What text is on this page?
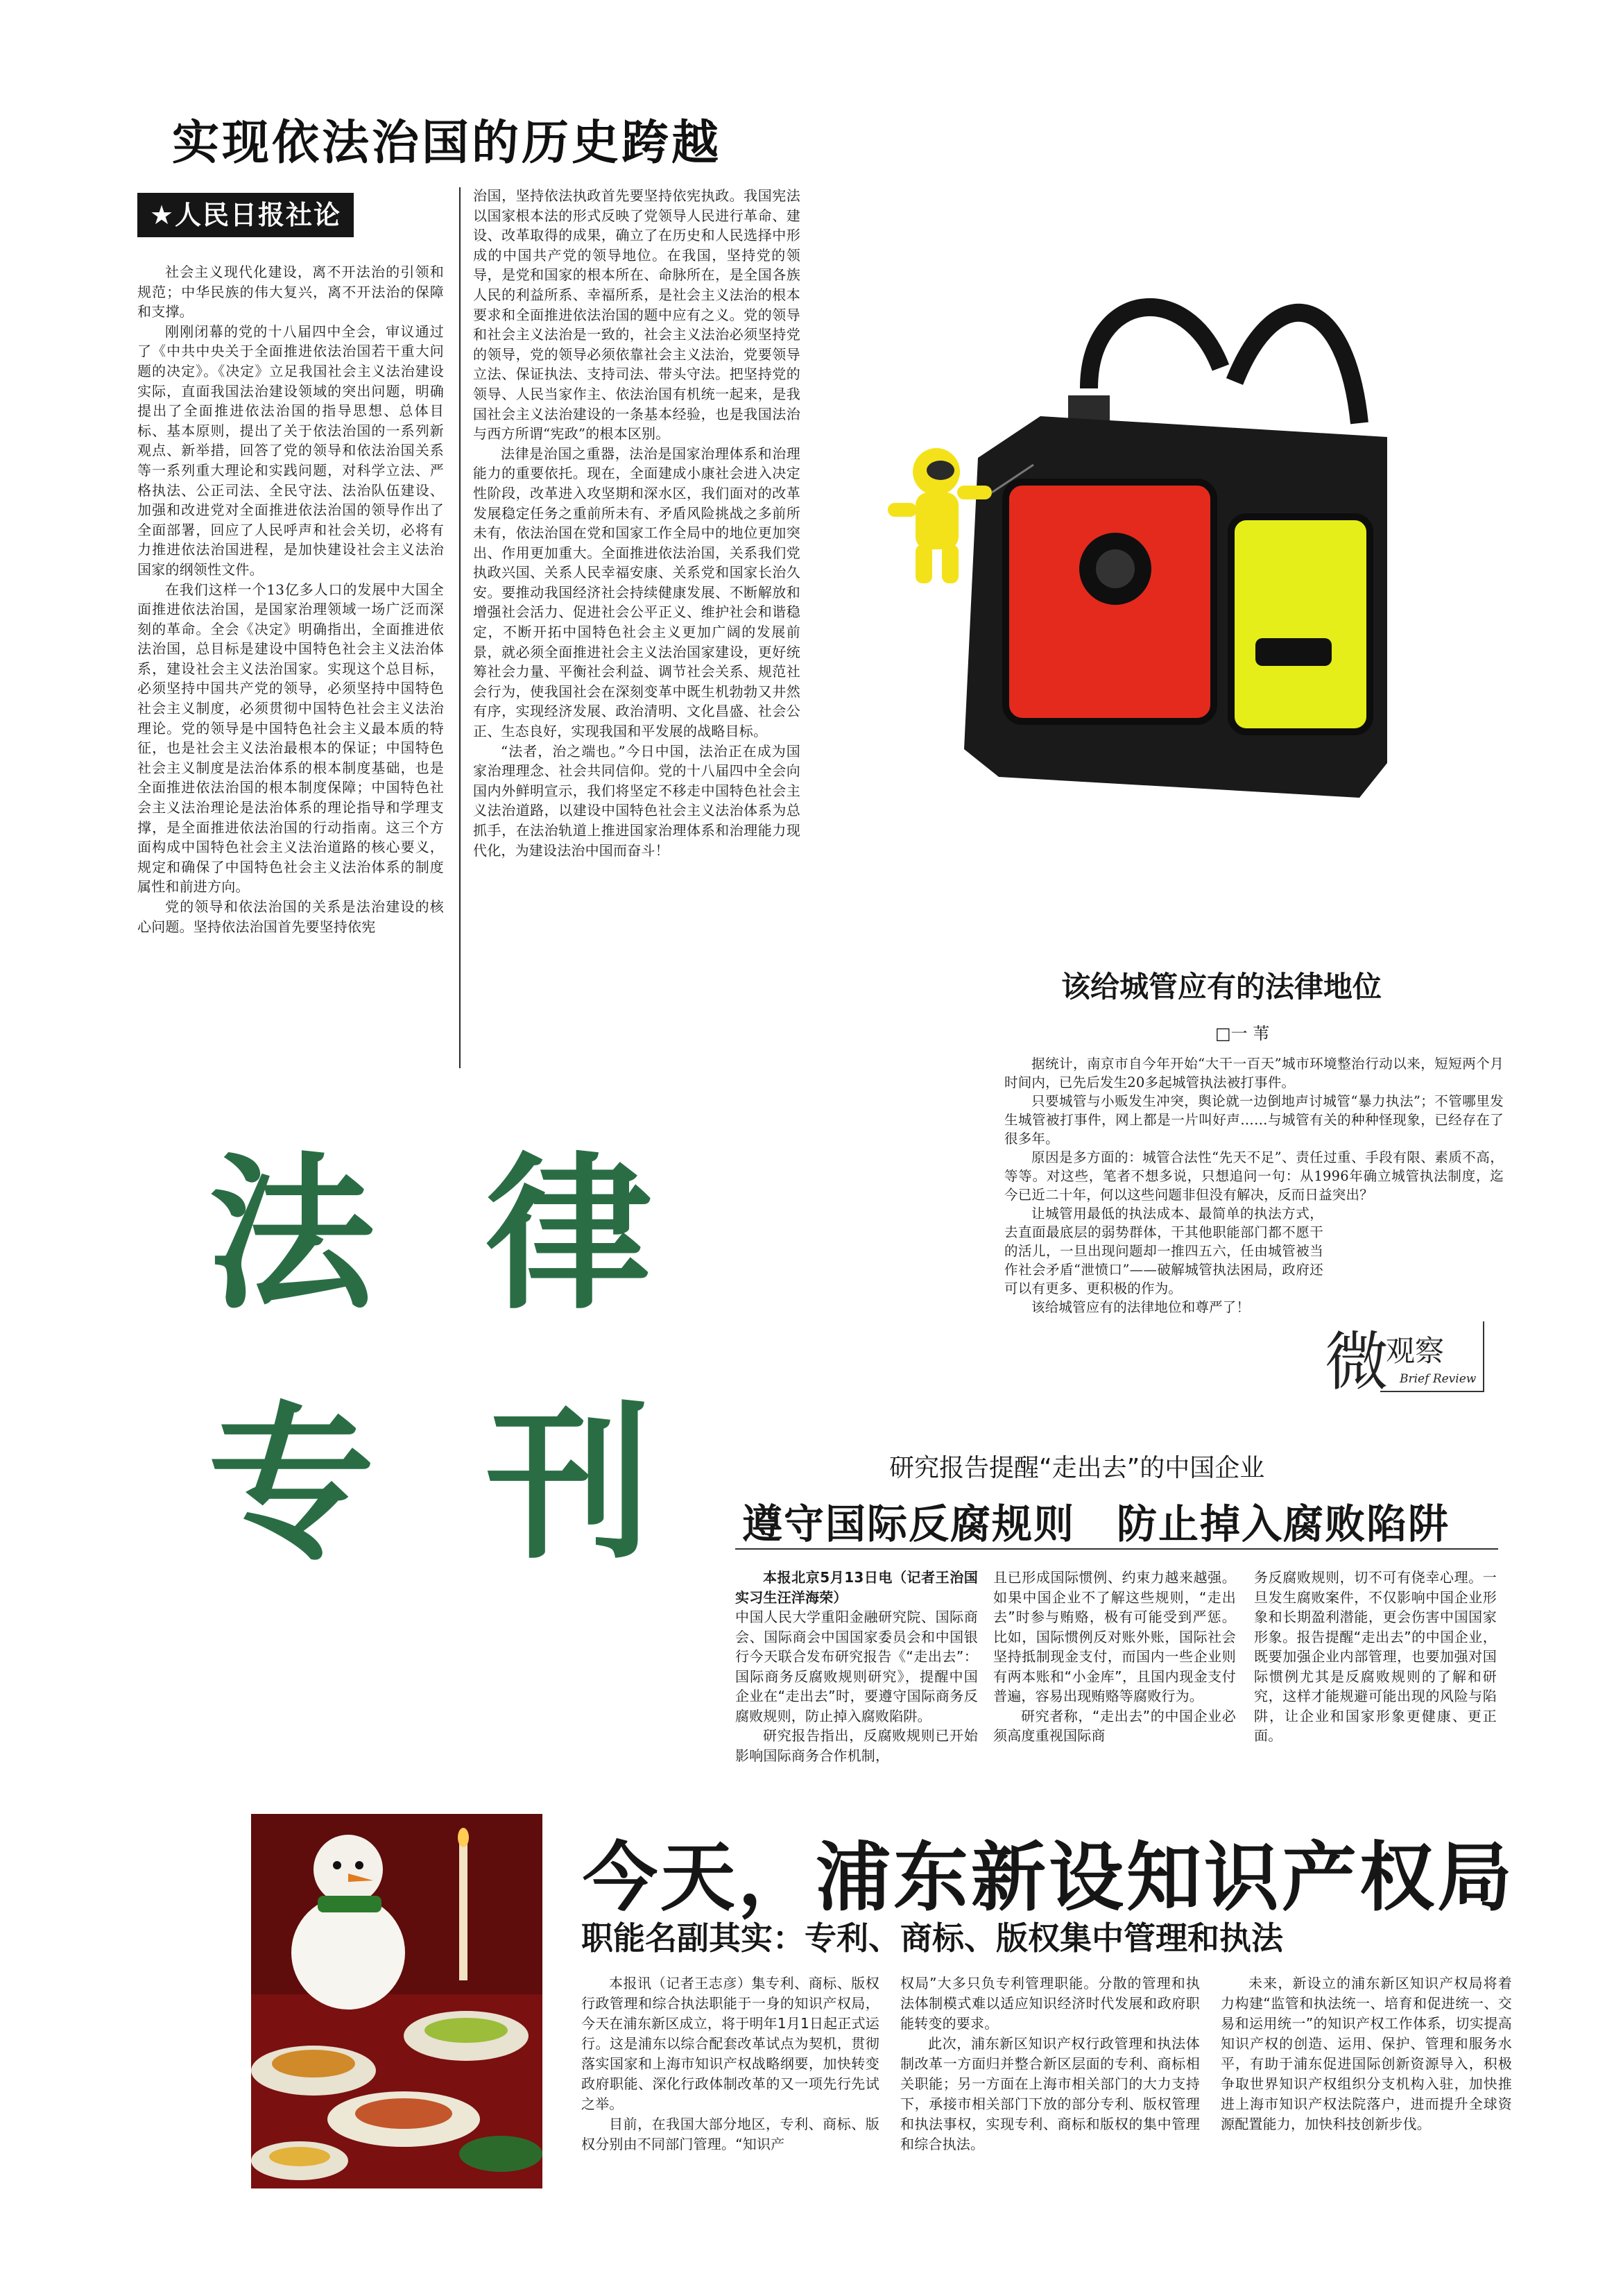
实现依法治国的历史跨越
★人民日报社论

社会主义现代化建设，离不开法治的引领和规范；中华民族的伟大复兴，离不开法治的保障和支撑。

刚刚闭幕的党的十八届四中全会，审议通过了《中共中央关于全面推进依法治国若干重大问题的决定》。《决定》立足我国社会主义法治建设实际，直面我国法治建设领域的突出问题，明确提出了全面推进依法治国的指导思想、总体目标、基本原则，提出了关于依法治国的一系列新观点、新举措，回答了党的领导和依法治国关系等一系列重大理论和实践问题，对科学立法、严格执法、公正司法、全民守法、法治队伍建设、加强和改进党对全面推进依法治国的领导作出了全面部署，回应了人民呼声和社会关切，必将有力推进依法治国进程，是加快建设社会主义法治国家的纲领性文件。

在我们这样一个13亿多人口的发展中大国全面推进依法治国，是国家治理领域一场广泛而深刻的革命。全会《决定》明确指出，全面推进依法治国，总目标是建设中国特色社会主义法治体系，建设社会主义法治国家。实现这个总目标，必须坚持中国共产党的领导，必须坚持中国特色社会主义制度，必须贯彻中国特色社会主义法治理论。党的领导是中国特色社会主义最本质的特征，也是社会主义法治最根本的保证；中国特色社会主义制度是法治体系的根本制度基础，也是全面推进依法治国的根本制度保障；中国特色社会主义法治理论是法治体系的理论指导和学理支撑，是全面推进依法治国的行动指南。这三个方面构成中国特色社会主义法治道路的核心要义，规定和确保了中国特色社会主义法治体系的制度属性和前进方向。

党的领导和依法治国的关系是法治建设的核心问题。坚持依法治国首先要坚持依宪

治国，坚持依法执政首先要坚持依宪执政。我国宪法以国家根本法的形式反映了党领导人民进行革命、建设、改革取得的成果，确立了在历史和人民选择中形成的中国共产党的领导地位。在我国，坚持党的领导，是党和国家的根本所在、命脉所在，是全国各族人民的利益所系、幸福所系，是社会主义法治的根本要求和全面推进依法治国的题中应有之义。党的领导和社会主义法治是一致的，社会主义法治必须坚持党的领导，党的领导必须依靠社会主义法治，党要领导立法、保证执法、支持司法、带头守法。把坚持党的领导、人民当家作主、依法治国有机统一起来，是我国社会主义法治建设的一条基本经验，也是我国法治与西方所谓“宪政”的根本区别。

法律是治国之重器，法治是国家治理体系和治理能力的重要依托。现在，全面建成小康社会进入决定性阶段，改革进入攻坚期和深水区，我们面对的改革发展稳定任务之重前所未有、矛盾风险挑战之多前所未有，依法治国在党和国家工作全局中的地位更加突出、作用更加重大。全面推进依法治国，关系我们党执政兴国、关系人民幸福安康、关系党和国家长治久安。要推动我国经济社会持续健康发展、不断解放和增强社会活力、促进社会公平正义、维护社会和谐稳定，不断开拓中国特色社会主义更加广阔的发展前景，就必须全面推进社会主义法治国家建设，更好统筹社会力量、平衡社会利益、调节社会关系、规范社会行为，使我国社会在深刻变革中既生机勃勃又井然有序，实现经济发展、政治清明、文化昌盛、社会公正、生态良好，实现我国和平发展的战略目标。

“法者，治之端也。”今日中国，法治正在成为国家治理理念、社会共同信仰。党的十八届四中全会向国内外鲜明宣示，我们将坚定不移走中国特色社会主义法治道路，以建设中国特色社会主义法治体系为总抓手，在法治轨道上推进国家治理体系和治理能力现代化，为建设法治中国而奋斗！

法 律
专 刊
该给城管应有的法律地位
□一 苇

据统计，南京市自今年开始“大干一百天”城市环境整治行动以来，短短两个月时间内，已先后发生20多起城管执法被打事件。

只要城管与小贩发生冲突，舆论就一边倒地声讨城管“暴力执法”；不管哪里发生城管被打事件，网上都是一片叫好声……与城管有关的种种怪现象，已经存在了很多年。

原因是多方面的：城管合法性“先天不足”、责任过重、手段有限、素质不高，等等。对这些，笔者不想多说，只想追问一句：从1996年确立城管执法制度，迄今已近二十年，何以这些问题非但没有解决，反而日益突出？

让城管用最低的执法成本、最简单的执法方式，去直面最底层的弱势群体，干其他职能部门都不愿干的活儿，一旦出现问题却一推四五六，任由城管被当作社会矛盾“泄愤口”——破解城管执法困局，政府还可以有更多、更积极的作为。

该给城管应有的法律地位和尊严了！

微
观察
Brief Review
研究报告提醒“走出去”的中国企业
遵守国际反腐规则　防止掉入腐败陷阱

本报北京5月13日电（记者王治国　实习生汪洋海荣）

中国人民大学重阳金融研究院、国际商会、国际商会中国国家委员会和中国银行今天联合发布研究报告《“走出去”：国际商务反腐败规则研究》，提醒中国企业在“走出去”时，要遵守国际商务反腐败规则，防止掉入腐败陷阱。

研究报告指出，反腐败规则已开始影响国际商务合作机制，

且已形成国际惯例、约束力越来越强。如果中国企业不了解这些规则，“走出去”时参与贿赂，极有可能受到严惩。比如，国际惯例反对账外账，国际社会坚持抵制现金支付，而国内一些企业则有两本账和“小金库”，且国内现金支付普遍，容易出现贿赂等腐败行为。

研究者称，“走出去”的中国企业必须高度重视国际商

务反腐败规则，切不可有侥幸心理。一旦发生腐败案件，不仅影响中国企业形象和长期盈利潜能，更会伤害中国国家形象。报告提醒“走出去”的中国企业，既要加强企业内部管理，也要加强对国际惯例尤其是反腐败规则的了解和研究，这样才能规避可能出现的风险与陷阱，让企业和国家形象更健康、更正面。

今天，浦东新设知识产权局
职能名副其实：专利、商标、版权集中管理和执法

本报讯（记者王志彦）集专利、商标、版权行政管理和综合执法职能于一身的知识产权局，今天在浦东新区成立，将于明年1月1日起正式运行。这是浦东以综合配套改革试点为契机，贯彻落实国家和上海市知识产权战略纲要，加快转变政府职能、深化行政体制改革的又一项先行先试之举。

目前，在我国大部分地区，专利、商标、版权分别由不同部门管理。“知识产

权局”大多只负专利管理职能。分散的管理和执法体制模式难以适应知识经济时代发展和政府职能转变的要求。

此次，浦东新区知识产权行政管理和执法体制改革一方面归并整合新区层面的专利、商标相关职能；另一方面在上海市相关部门的大力支持下，承接市相关部门下放的部分专利、版权管理和执法事权，实现专利、商标和版权的集中管理和综合执法。

未来，新设立的浦东新区知识产权局将着力构建“监管和执法统一、培育和促进统一、交易和运用统一”的知识产权工作体系，切实提高知识产权的创造、运用、保护、管理和服务水平，有助于浦东促进国际创新资源导入，积极争取世界知识产权组织分支机构入驻，加快推进上海市知识产权法院落户，进而提升全球资源配置能力，加快科技创新步伐。
